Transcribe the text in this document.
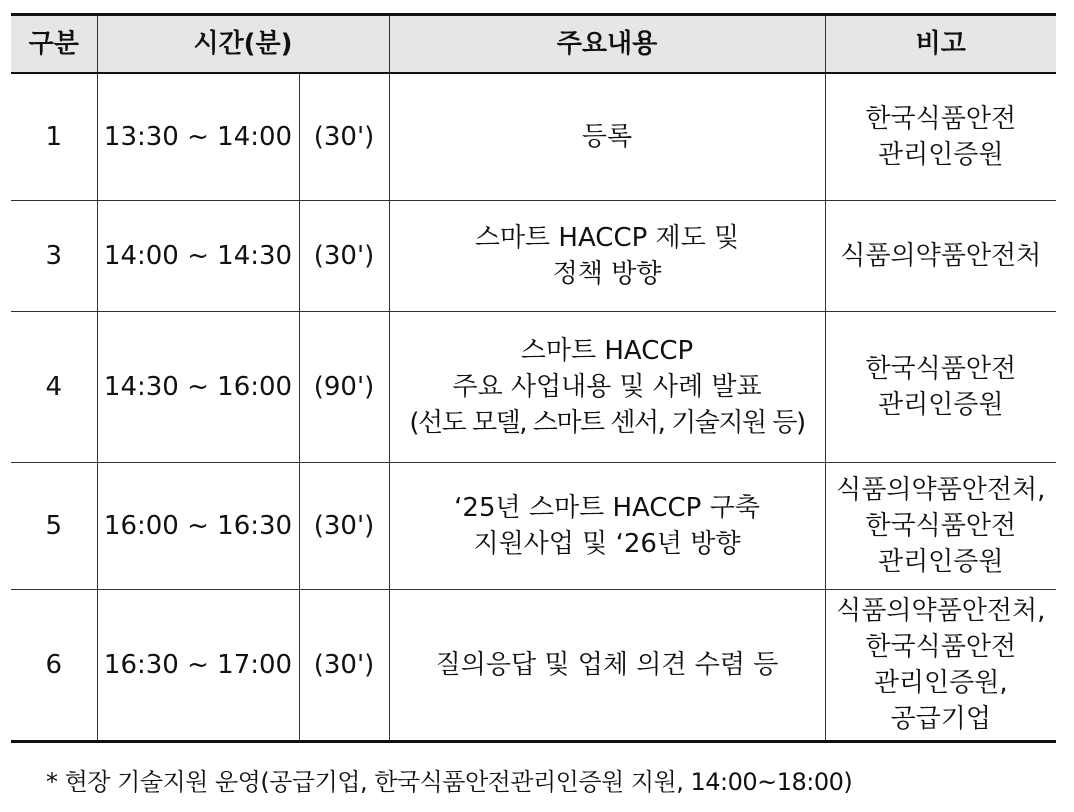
구분	시간(분)		주요내용	비고
1	13:30 ~ 14:00	(30')	등록	한국식품안전
관리인증원

3	14:00 ~ 14:30	(30')	스마트 HACCP 제도 및
정책 방향	식품의약품안전처

4	14:30 ~ 16:00	(90')	스마트 HACCP
주요 사업내용 및 사례 발표
(선도 모델, 스마트 센서, 기술지원 등)	한국식품안전
관리인증원

5	16:00 ~ 16:30	(30')	‘25년 스마트 HACCP 구축
지원사업 및 ‘26년 방향	식품의약품안전처,
한국식품안전
관리인증원

6	16:30 ~ 17:00	(30')	질의응답 및 업체 의견 수렴 등	식품의약품안전처,
한국식품안전
관리인증원,
공급기업
* 현장 기술지원 운영(공급기업, 한국식품안전관리인증원 지원, 14:00~18:00)
